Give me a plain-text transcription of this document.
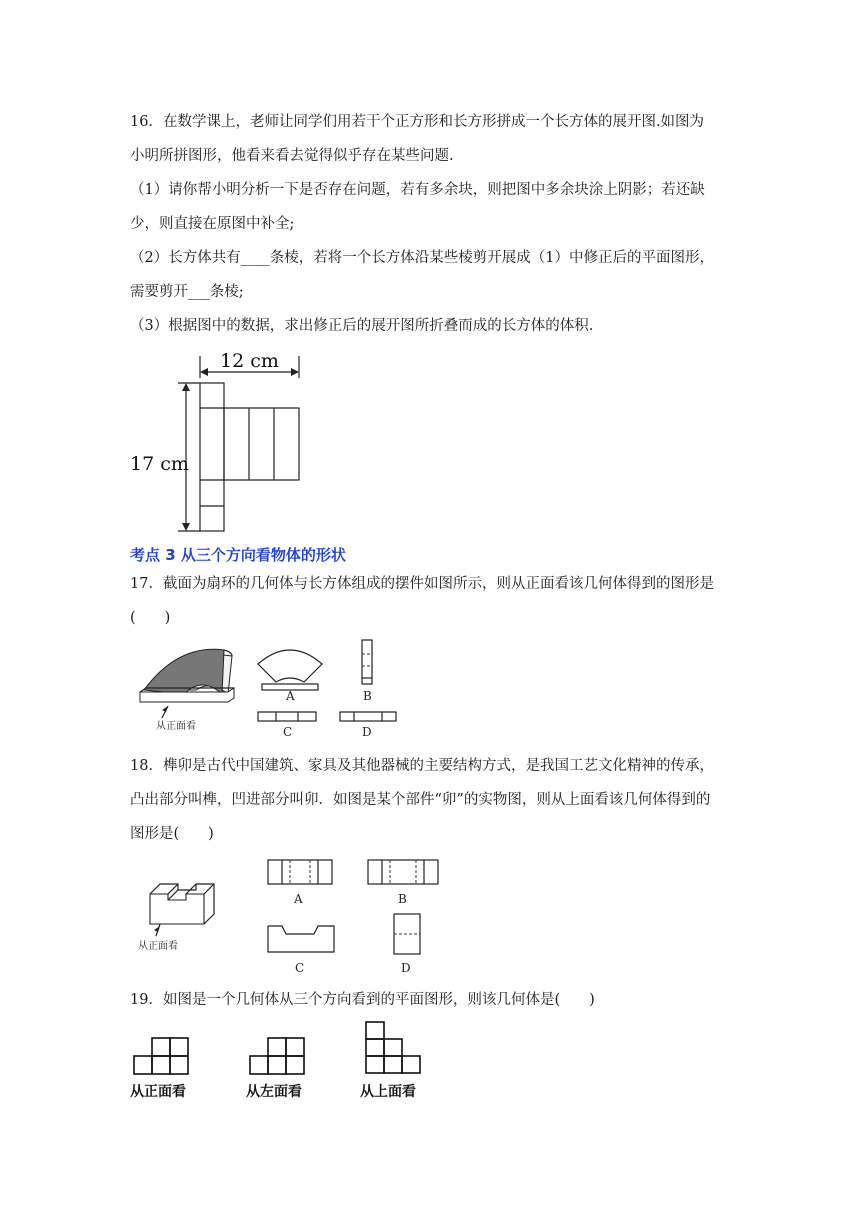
16．在数学课上，老师让同学们用若干个正方形和长方形拼成一个长方体的展开图.如图为
小明所拼图形，他看来看去觉得似乎存在某些问题.
（1）请你帮小明分析一下是否存在问题，若有多余块，则把图中多余块涂上阴影；若还缺
少，则直接在原图中补全;
（2）长方体共有____条棱，若将一个长方体沿某些棱剪开展成（1）中修正后的平面图形，
需要剪开___条棱;
（3）根据图中的数据，求出修正后的展开图所折叠而成的长方体的体积.
12 cm
17 cm
考点 3 从三个方向看物体的形状
17．截面为扇环的几何体与长方体组成的摆件如图所示，则从正面看该几何体得到的图形是
(　　)
从正面看
A	B
C	D
18．榫卯是古代中国建筑、家具及其他器械的主要结构方式，是我国工艺文化精神的传承，
凸出部分叫榫，凹进部分叫卯．如图是某个部件“卯”的实物图，则从上面看该几何体得到的
图形是(　　)
从正面看
A	B
C	D
19．如图是一个几何体从三个方向看到的平面图形，则该几何体是(　　)
从正面看	从左面看	从上面看
